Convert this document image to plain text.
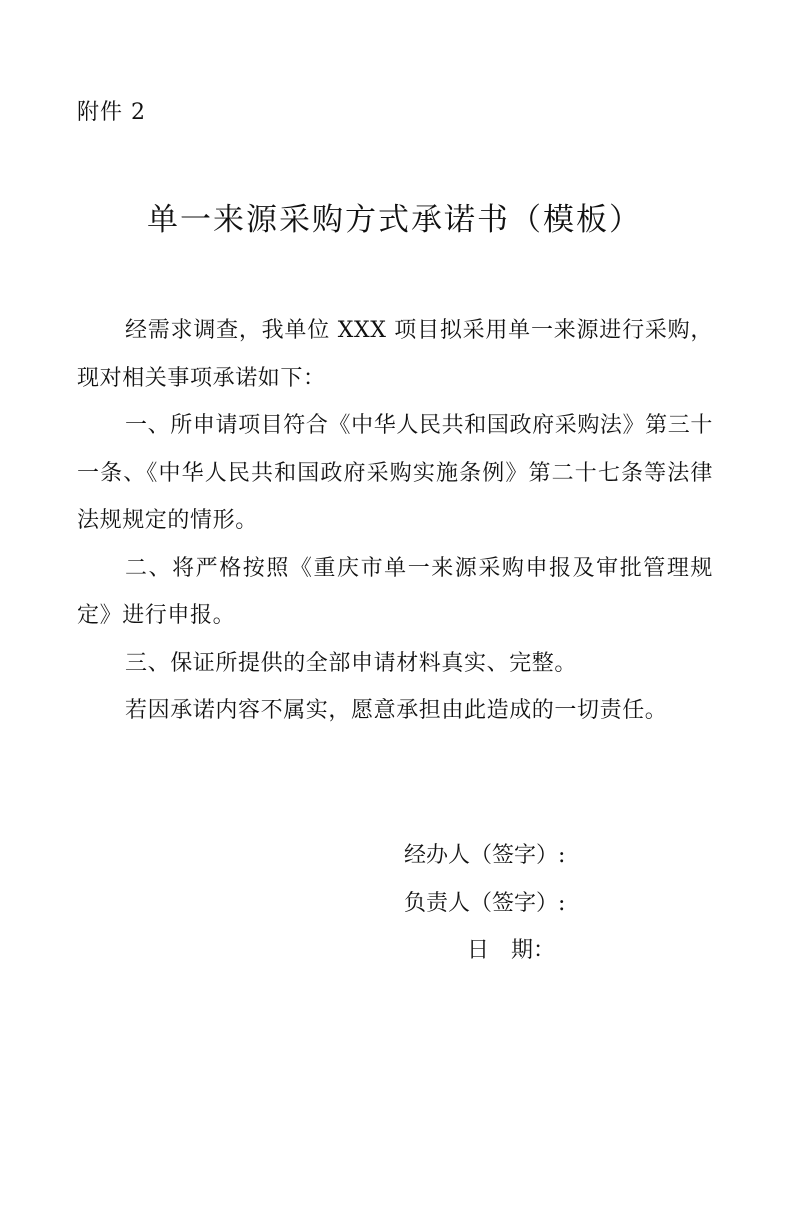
附件 2
单一来源采购方式承诺书（模板）

经需求调查，我单位 XXX 项目拟采用单一来源进行采购，现对相关事项承诺如下：

一、所申请项目符合《中华人民共和国政府采购法》第三十一条、《中华人民共和国政府采购实施条例》第二十七条等法律法规规定的情形。

二、将严格按照《重庆市单一来源采购申报及审批管理规定》进行申报。

三、保证所提供的全部申请材料真实、完整。

若因承诺内容不属实，愿意承担由此造成的一切责任。

经办人（签字）:

负责人（签字）:

日　期：
